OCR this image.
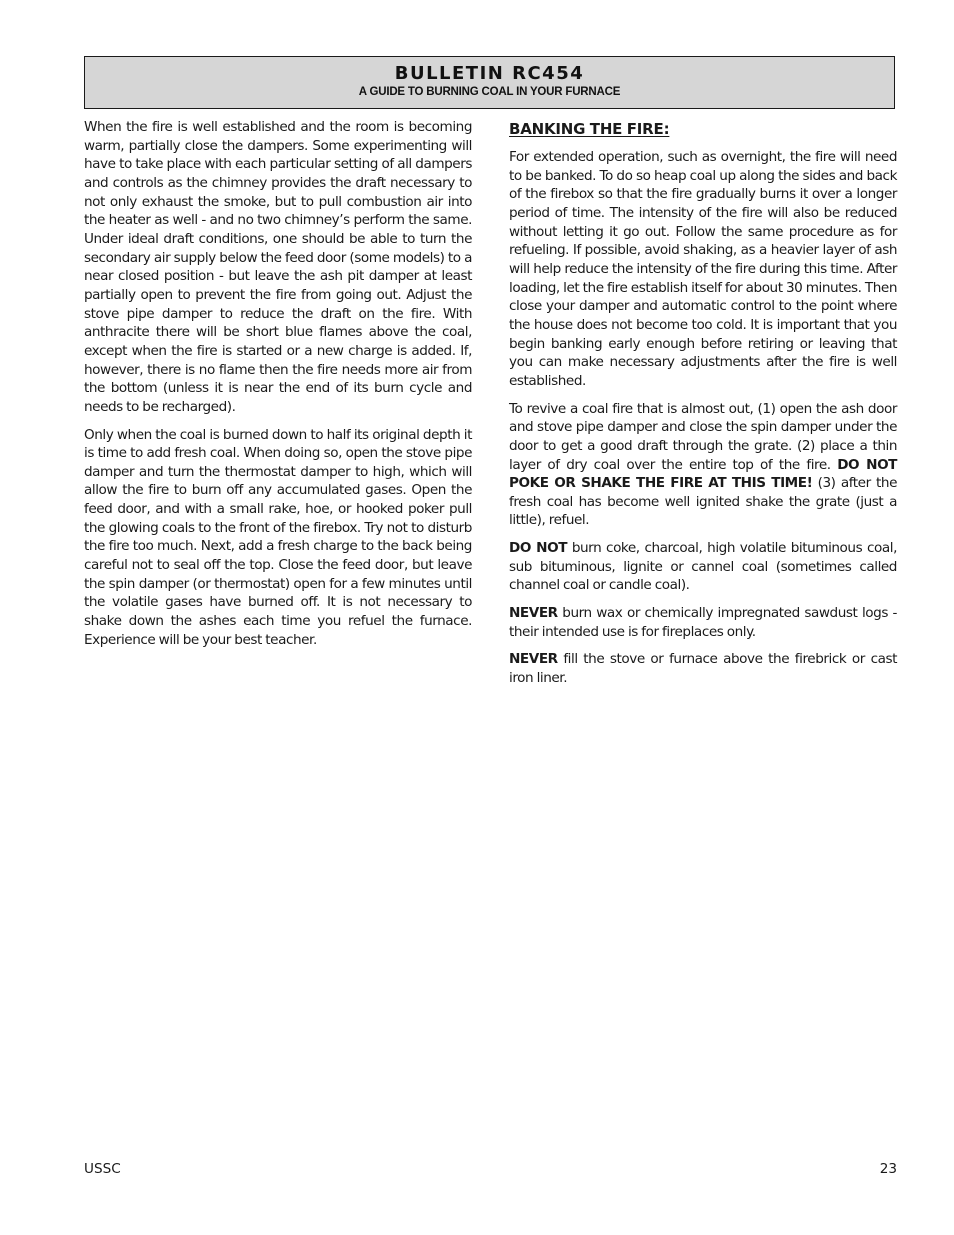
BULLETIN RC454
A GUIDE TO BURNING COAL IN YOUR FURNACE

When the fire is well established and the room is becoming warm, partially close the dampers. Some experimenting will have to take place with each particular setting of all dampers and controls as the chimney provides the draft necessary to not only exhaust the smoke, but to pull combustion air into the heater as well - and no two chimney’s perform the same. Under ideal draft conditions, one should be able to turn the secondary air supply below the feed door (some models) to a near closed position - but leave the ash pit damper at least partially open to prevent the fire from going out. Adjust the stove pipe damper to reduce the draft on the fire. With anthracite there will be short blue flames above the coal, except when the fire is started or a new charge is added. If, however, there is no flame then the fire needs more air from the bottom (unless it is near the end of its burn cycle and needs to be recharged).

Only when the coal is burned down to half its original depth it is time to add fresh coal. When doing so, open the stove pipe damper and turn the thermostat damper to high, which will allow the fire to burn off any accumulated gases. Open the feed door, and with a small rake, hoe, or hooked poker pull the glowing coals to the front of the firebox. Try not to disturb the fire too much. Next, add a fresh charge to the back being careful not to seal off the top. Close the feed door, but leave the spin damper (or thermostat) open for a few minutes until the volatile gases have burned off. It is not necessary to shake down the ashes each time you refuel the furnace. Experience will be your best teacher.

BANKING THE FIRE:

For extended operation, such as overnight, the fire will need to be banked. To do so heap coal up along the sides and back of the firebox so that the fire gradually burns it over a longer period of time. The intensity of the fire will also be reduced without letting it go out. Follow the same procedure as for refueling. If possible, avoid shaking, as a heavier layer of ash will help reduce the intensity of the fire during this time. After loading, let the fire establish itself for about 30 minutes. Then close your damper and automatic control to the point where the house does not become too cold. It is important that you begin banking early enough before retiring or leaving that you can make necessary adjustments after the fire is well established.

To revive a coal fire that is almost out, (1) open the ash door and stove pipe damper and close the spin damper under the door to get a good draft through the grate. (2) place a thin layer of dry coal over the entire top of the fire. DO NOT POKE OR SHAKE THE FIRE AT THIS TIME! (3) after the fresh coal has become well ignited shake the grate (just a little), refuel.

DO NOT burn coke, charcoal, high volatile bituminous coal, sub bituminous, lignite or cannel coal (sometimes called channel coal or candle coal).

NEVER burn wax or chemically impregnated sawdust logs - their intended use is for fireplaces only.

NEVER fill the stove or furnace above the firebrick or cast iron liner.

USSC	23
